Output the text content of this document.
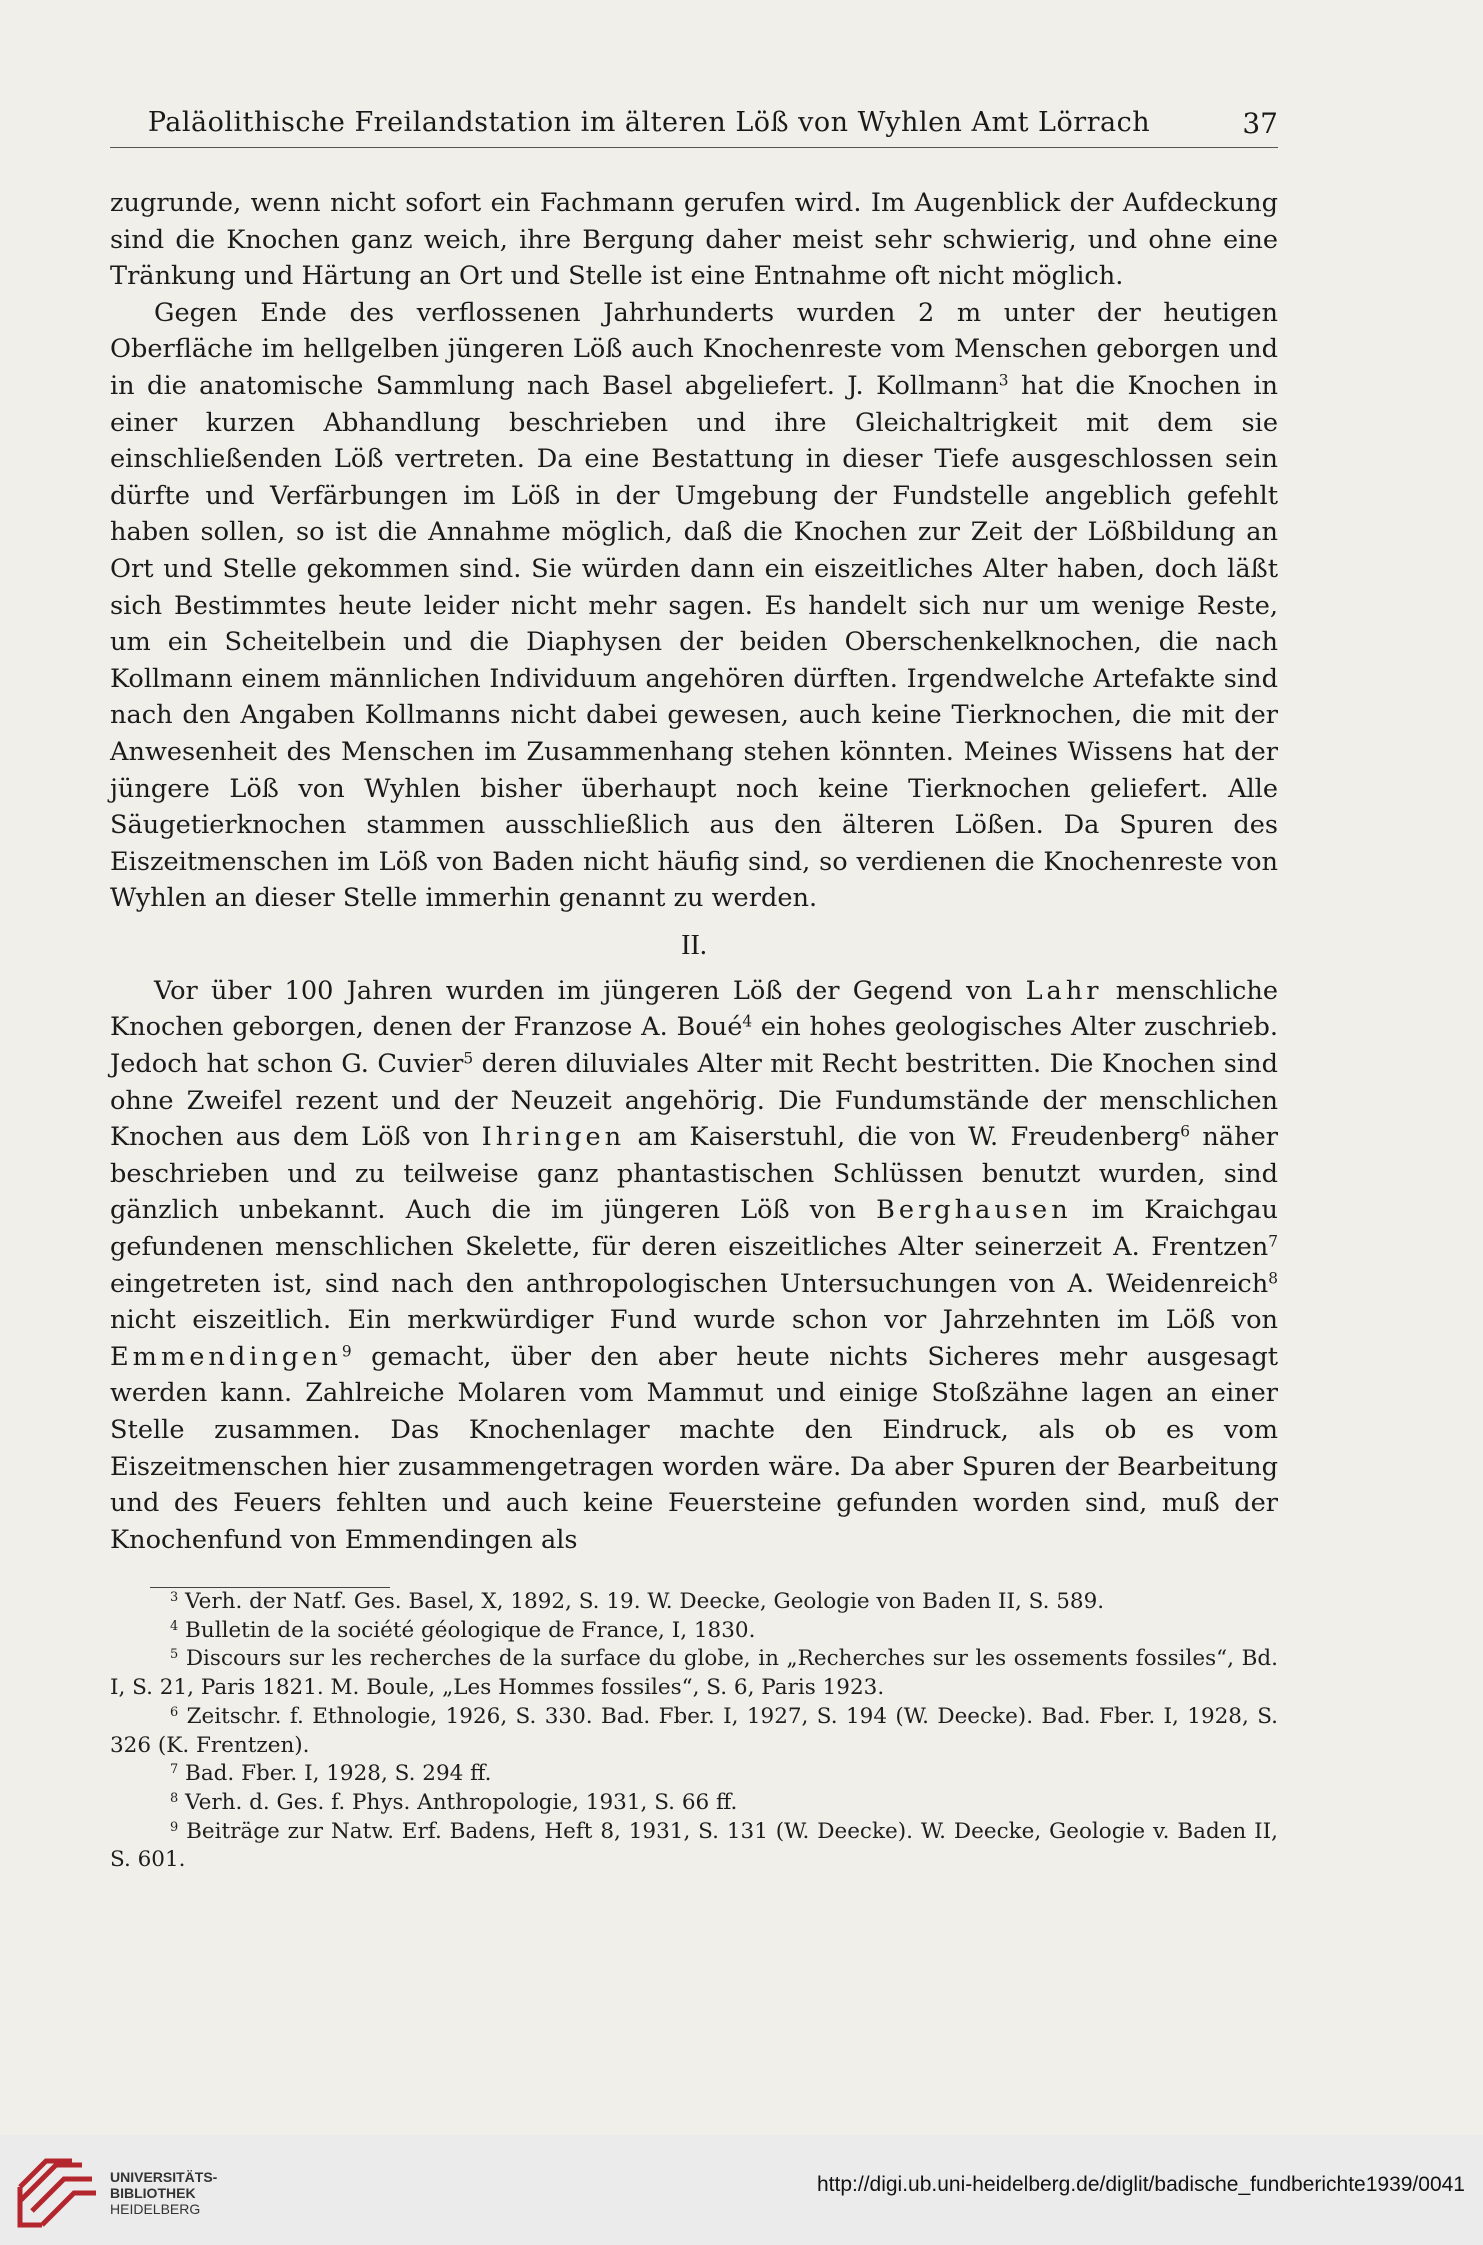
Paläolithische Freilandstation im älteren Löß von Wyhlen Amt Lörrach	37

zugrunde, wenn nicht sofort ein Fachmann gerufen wird. Im Augenblick der Aufdeckung sind die Knochen ganz weich, ihre Bergung daher meist sehr schwierig, und ohne eine Tränkung und Härtung an Ort und Stelle ist eine Entnahme oft nicht möglich.

Gegen Ende des verflossenen Jahrhunderts wurden 2 m unter der heutigen Oberfläche im hellgelben jüngeren Löß auch Knochenreste vom Menschen geborgen und in die anatomische Sammlung nach Basel abgeliefert. J. Kollmann$^3$ hat die Knochen in einer kurzen Abhandlung beschrieben und ihre Gleichaltrigkeit mit dem sie einschließenden Löß vertreten. Da eine Bestattung in dieser Tiefe ausgeschlossen sein dürfte und Verfärbungen im Löß in der Umgebung der Fundstelle angeblich gefehlt haben sollen, so ist die Annahme möglich, daß die Knochen zur Zeit der Lößbildung an Ort und Stelle gekommen sind. Sie würden dann ein eiszeitliches Alter haben, doch läßt sich Bestimmtes heute leider nicht mehr sagen. Es handelt sich nur um wenige Reste, um ein Scheitelbein und die Diaphysen der beiden Oberschenkelknochen, die nach Kollmann einem männlichen Individuum angehören dürften. Irgendwelche Artefakte sind nach den Angaben Kollmanns nicht dabei gewesen, auch keine Tierknochen, die mit der Anwesenheit des Menschen im Zusammenhang stehen könnten. Meines Wissens hat der jüngere Löß von Wyhlen bisher überhaupt noch keine Tierknochen geliefert. Alle Säugetierknochen stammen ausschließlich aus den älteren Lößen. Da Spuren des Eiszeitmenschen im Löß von Baden nicht häufig sind, so verdienen die Knochenreste von Wyhlen an dieser Stelle immerhin genannt zu werden.

II.

Vor über 100 Jahren wurden im jüngeren Löß der Gegend von Lahr menschliche Knochen geborgen, denen der Franzose A. Boué$^4$ ein hohes geologisches Alter zuschrieb. Jedoch hat schon G. Cuvier$^5$ deren diluviales Alter mit Recht bestritten. Die Knochen sind ohne Zweifel rezent und der Neuzeit angehörig. Die Fundumstände der menschlichen Knochen aus dem Löß von Ihringen am Kaiserstuhl, die von W. Freudenberg$^6$ näher beschrieben und zu teilweise ganz phantastischen Schlüssen benutzt wurden, sind gänzlich unbekannt. Auch die im jüngeren Löß von Berghausen im Kraichgau gefundenen menschlichen Skelette, für deren eiszeitliches Alter seinerzeit A. Frentzen$^7$ eingetreten ist, sind nach den anthropologischen Untersuchungen von A. Weidenreich$^8$ nicht eiszeitlich. Ein merkwürdiger Fund wurde schon vor Jahrzehnten im Löß von Emmendingen$^9$ gemacht, über den aber heute nichts Sicheres mehr ausgesagt werden kann. Zahlreiche Molaren vom Mammut und einige Stoßzähne lagen an einer Stelle zusammen. Das Knochenlager machte den Eindruck, als ob es vom Eiszeitmenschen hier zusammengetragen worden wäre. Da aber Spuren der Bearbeitung und des Feuers fehlten und auch keine Feuersteine gefunden worden sind, muß der Knochenfund von Emmendingen als

$^3$ Verh. der Natf. Ges. Basel, X, 1892, S. 19. W. Deecke, Geologie von Baden II, S. 589.

$^4$ Bulletin de la société géologique de France, I, 1830.

$^5$ Discours sur les recherches de la surface du globe, in „Recherches sur les ossements fossiles“, Bd. I, S. 21, Paris 1821. M. Boule, „Les Hommes fossiles“, S. 6, Paris 1923.

$^6$ Zeitschr. f. Ethnologie, 1926, S. 330. Bad. Fber. I, 1927, S. 194 (W. Deecke). Bad. Fber. I, 1928, S. 326 (K. Frentzen).

$^7$ Bad. Fber. I, 1928, S. 294 ff.

$^8$ Verh. d. Ges. f. Phys. Anthropologie, 1931, S. 66 ff.

$^9$ Beiträge zur Natw. Erf. Badens, Heft 8, 1931, S. 131 (W. Deecke). W. Deecke, Geologie v. Baden II, S. 601.

UNIVERSITÄTS-
BIBLIOTHEK
HEIDELBERG
http://digi.ub.uni-heidelberg.de/diglit/badische_fundberichte1939/0041
